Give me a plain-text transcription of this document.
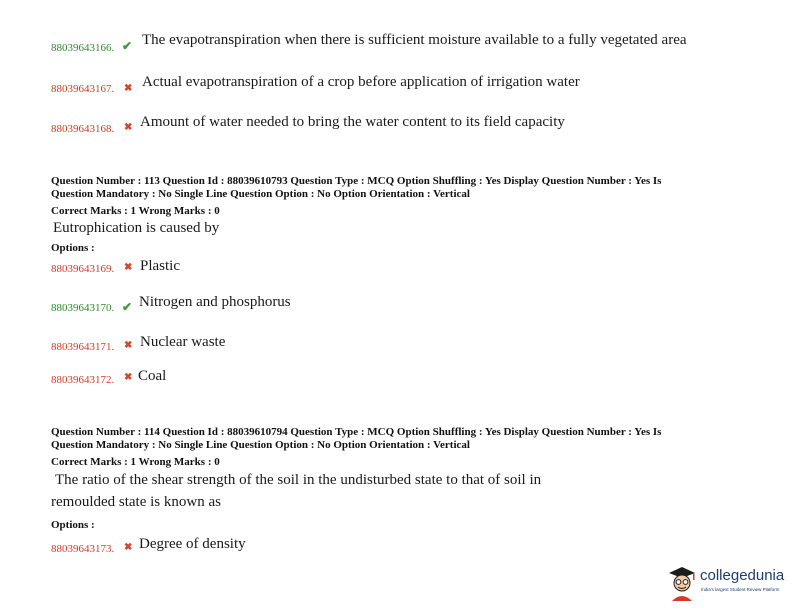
88039643166. ✔ The evapotranspiration when there is sufficient moisture available to a fully vegetated area
88039643167. ✖ Actual evapotranspiration of a crop before application of irrigation water
88039643168. ✖ Amount of water needed to bring the water content to its field capacity
Question Number : 113 Question Id : 88039610793 Question Type : MCQ Option Shuffling : Yes Display Question Number : Yes Is
Question Mandatory : No Single Line Question Option : No Option Orientation : Vertical
Correct Marks : 1 Wrong Marks : 0
Eutrophication is caused by
Options :
88039643169. ✖ Plastic
88039643170. ✔ Nitrogen and phosphorus
88039643171. ✖ Nuclear waste
88039643172. ✖ Coal
Question Number : 114 Question Id : 88039610794 Question Type : MCQ Option Shuffling : Yes Display Question Number : Yes Is
Question Mandatory : No Single Line Question Option : No Option Orientation : Vertical
Correct Marks : 1 Wrong Marks : 0
The ratio of the shear strength of the soil in the undisturbed state to that of soil in
remoulded state is known as
Options :
88039643173. ✖ Degree of density
collegedunia
India's largest Student Review Platform
